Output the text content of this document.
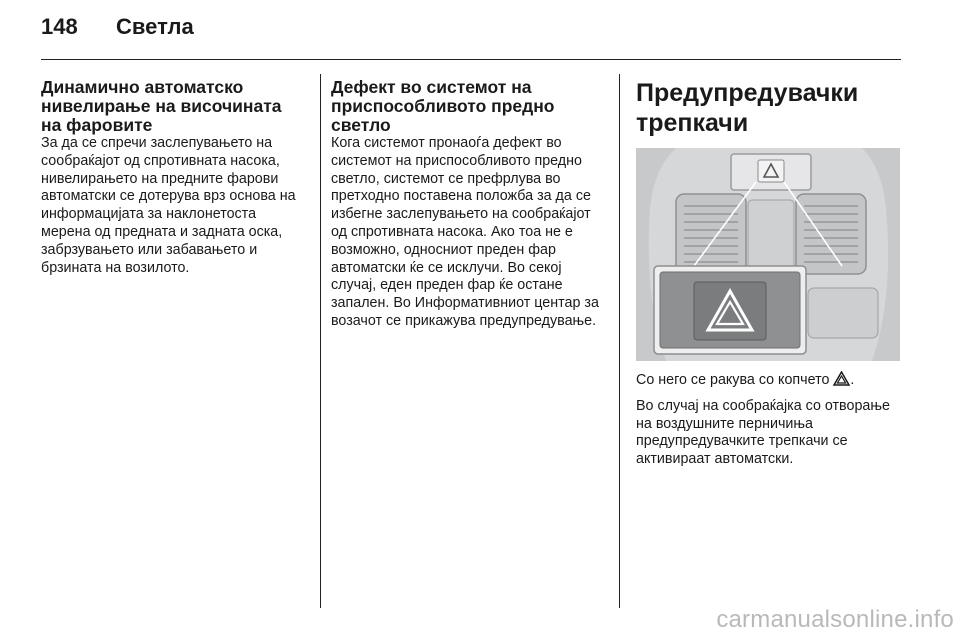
148	Светла
Динамично автоматско нивелирање на височината на фаровите

За да се спречи заслепувањето на сообраќајот од спротивната насока, нивелирањето на предните фарови автоматски се дотерува врз основа на информацијата за наклонетоста мерена од предната и задната оска, забрзувањето или забавањето и брзината на возилото.

Дефект во системот на приспособливото предно светло

Кога системот пронаоѓа дефект во системот на приспособливото предно светло, системот се префрлува во претходно поставена положба за да се избегне заслепувањето на сообраќајот од спротивната насока. Ако тоа не е возможно, односниот преден фар автоматски ќе се исклучи. Во секој случај, еден преден фар ќе остане запален. Во Информативниот центар за возачот се прикажува предупредување.

Предупредувачки трепкачи

Со него се ракува со копчето .

Во случај на сообраќајка со отворање на воздушните перничиња предупредувачките трепкачи се активираат автоматски.

carmanualsonline.info
